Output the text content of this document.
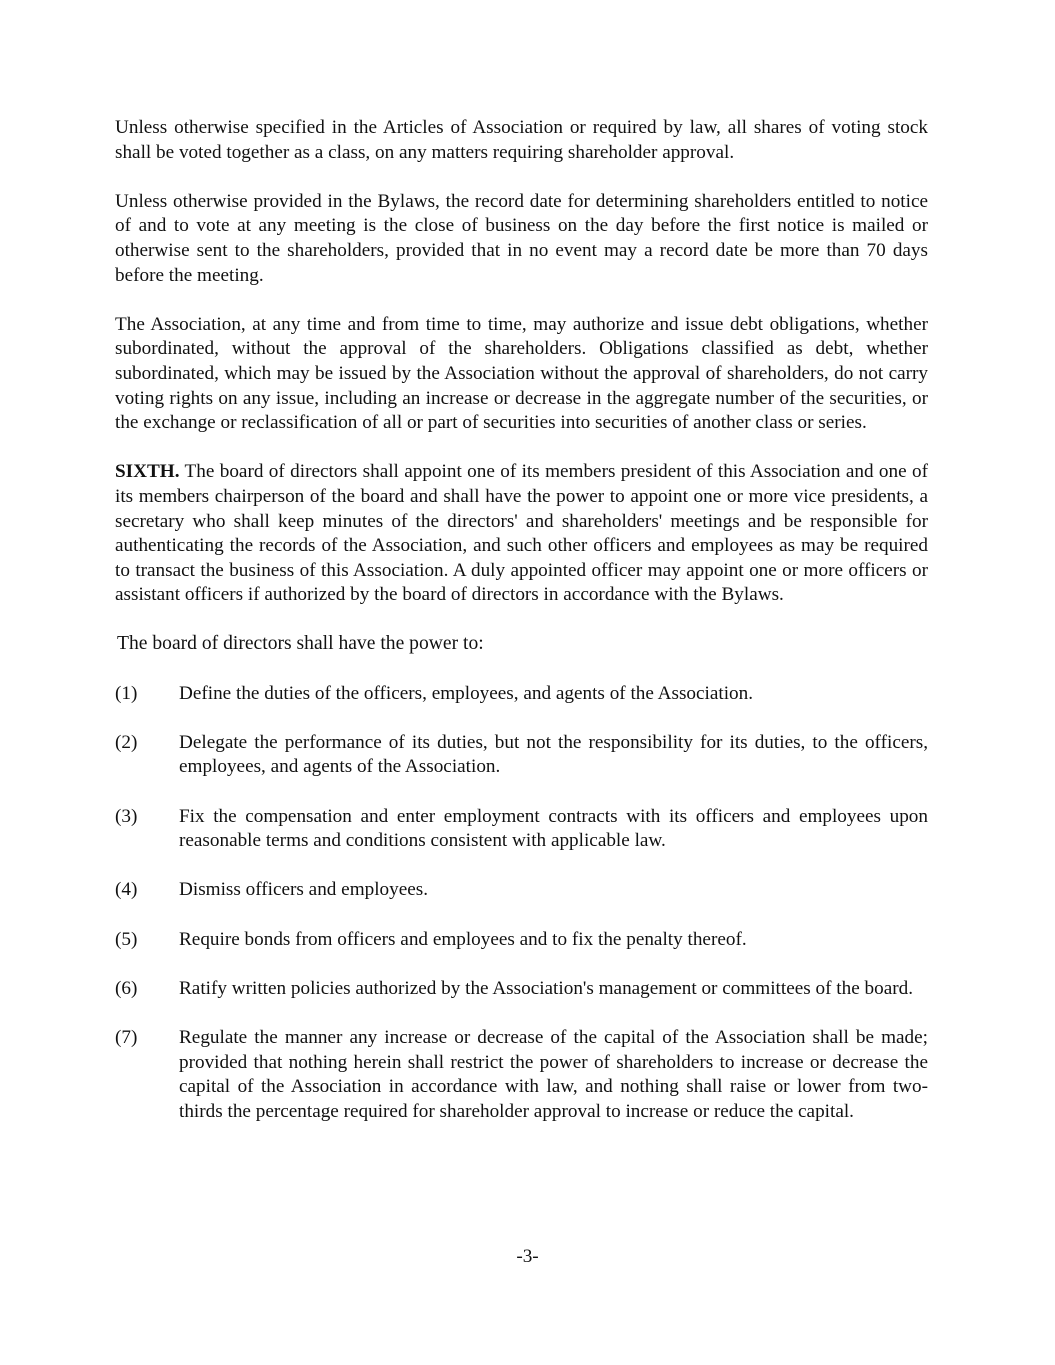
Unless otherwise specified in the Articles of Association or required by law, all shares of voting stock shall be voted together as a class, on any matters requiring shareholder approval.

Unless otherwise provided in the Bylaws, the record date for determining shareholders entitled to notice of and to vote at any meeting is the close of business on the day before the first notice is mailed or otherwise sent to the shareholders, provided that in no event may a record date be more than 70 days before the meeting.

The Association, at any time and from time to time, may authorize and issue debt obligations, whether subordinated, without the approval of the shareholders. Obligations classified as debt, whether subordinated, which may be issued by the Association without the approval of shareholders, do not carry voting rights on any issue, including an increase or decrease in the aggregate number of the securities, or the exchange or reclassification of all or part of securities into securities of another class or series.

SIXTH. The board of directors shall appoint one of its members president of this Association and one of its members chairperson of the board and shall have the power to appoint one or more vice presidents, a secretary who shall keep minutes of the directors' and shareholders' meetings and be responsible for authenticating the records of the Association, and such other officers and employees as may be required to transact the business of this Association. A duly appointed officer may appoint one or more officers or assistant officers if authorized by the board of directors in accordance with the Bylaws.

The board of directors shall have the power to:

(1)	Define the duties of the officers, employees, and agents of the Association.
(2)	Delegate the performance of its duties, but not the responsibility for its duties, to the officers, employees, and agents of the Association.
(3)	Fix the compensation and enter employment contracts with its officers and employees upon reasonable terms and conditions consistent with applicable law.
(4)	Dismiss officers and employees.
(5)	Require bonds from officers and employees and to fix the penalty thereof.
(6)	Ratify written policies authorized by the Association's management or committees of the board.
(7)	Regulate the manner any increase or decrease of the capital of the Association shall be made; provided that nothing herein shall restrict the power of shareholders to increase or decrease the capital of the Association in accordance with law, and nothing shall raise or lower from two-thirds the percentage required for shareholder approval to increase or reduce the capital.
-3-
